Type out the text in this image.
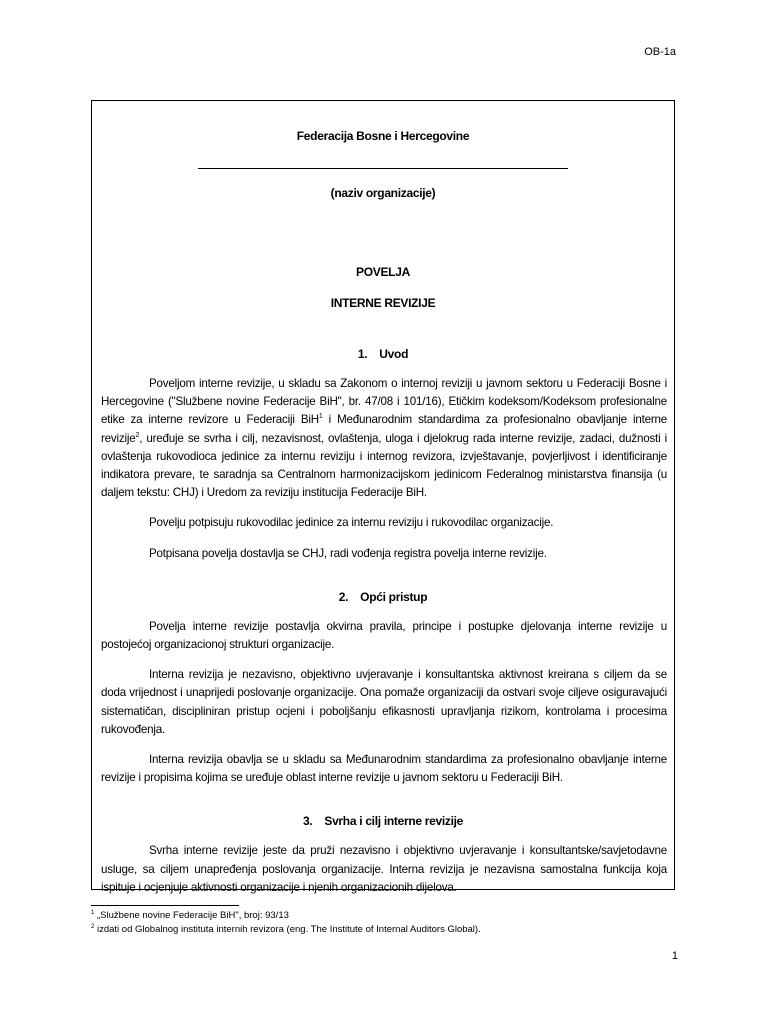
OB-1a
Federacija Bosne i Hercegovine
(naziv organizacije)
POVELJA
INTERNE REVIZIJE
1. Uvod

Poveljom interne revizije, u skladu sa Zakonom o internoj reviziji u javnom sektoru u Federaciji Bosne i Hercegovine ("Službene novine Federacije BiH", br. 47/08 i 101/16), Etičkim kodeksom/Kodeksom profesionalne etike za interne revizore u Federaciji BiH$^1$ i Međunarodnim standardima za profesionalno obavljanje interne revizije$^2$, uređuje se svrha i cilj, nezavisnost, ovlaštenja, uloga i djelokrug rada interne revizije, zadaci, dužnosti i ovlaštenja rukovodioca jedinice za internu reviziju i internog revizora, izvještavanje, povjerljivost i identificiranje indikatora prevare, te saradnja sa Centralnom harmonizacijskom jedinicom Federalnog ministarstva finansija (u daljem tekstu: CHJ) i Uredom za reviziju institucija Federacije BiH.

Povelju potpisuju rukovodilac jedinice za internu reviziju i rukovodilac organizacije.

Potpisana povelja dostavlja se CHJ, radi vođenja registra povelja interne revizije.

2. Opći pristup

Povelja interne revizije postavlja okvirna pravila, principe i postupke djelovanja interne revizije u postojećoj organizacionoj strukturi organizacije.

Interna revizija je nezavisno, objektivno uvjeravanje i konsultantska aktivnost kreirana s ciljem da se doda vrijednost i unaprijedi poslovanje organizacije. Ona pomaže organizaciji da ostvari svoje ciljeve osiguravajući sistematičan, discipliniran pristup ocjeni i poboljšanju efikasnosti upravljanja rizikom, kontrolama i procesima rukovođenja.

Interna revizija obavlja se u skladu sa Međunarodnim standardima za profesionalno obavljanje interne revizije i propisima kojima se uređuje oblast interne revizije u javnom sektoru u Federaciji BiH.

3. Svrha i cilj interne revizije

Svrha interne revizije jeste da pruži nezavisno i objektivno uvjeravanje i konsultantske/savjetodavne usluge, sa ciljem unapređenja poslovanja organizacije. Interna revizija je nezavisna samostalna funkcija koja ispituje i ocjenjuje aktivnosti organizacije i njenih organizacionih dijelova.

$^1$ „Službene novine Federacije BiH", broj: 93/13
$^2$ izdati od Globalnog instituta internih revizora (eng. The Institute of Internal Auditors Global).
1
